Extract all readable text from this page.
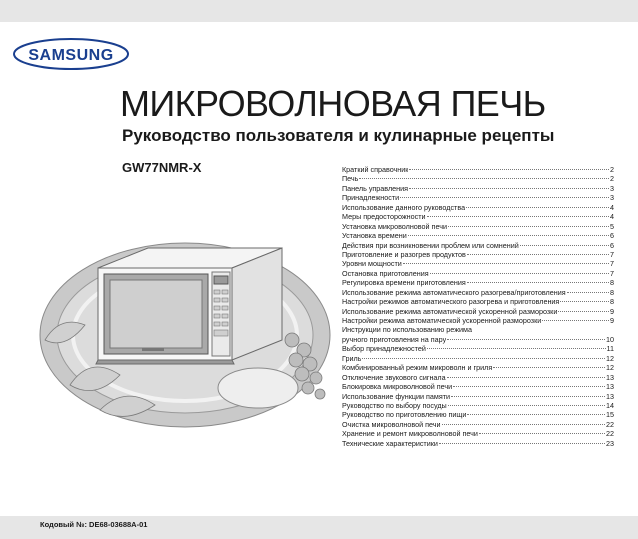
SAMSUNG
МИКРОВОЛНОВАЯ ПЕЧЬ
Руководство пользователя и кулинарные рецепты
GW77NMR-X	Краткий справочник	2
Печь	2
Панель управления	3
Принадлежности	3
Использование данного руководства	4
Меры предосторожности	4
Установка микроволновой печи	5
Установка времени	6
Действия при возникновении проблем или сомнений	6
Приготовление и разогрев продуктов	7
Уровни мощности	7
Остановка приготовления	7
Регулировка времени приготовления	8
Использование режима автоматического разогрева/приготовления	8
Настройки режимов автоматического разогрева и приготовления	8
Использование режима автоматической ускоренной разморозки	9
Настройки режима автоматической ускоренной разморозки	9
Инструкции по использованию режима
ручного приготовления на пару	10
Выбор принадлежностей	11
Гриль	12
Комбинированный режим микроволн и гриля	12
Отключение звукового сигнала	13
Блокировка микроволновой печи	13
Использование функции памяти	13
Руководство по выбору посуды	14
Руководство по приготовлению пищи	15
Очистка микроволновой печи	22
Хранение и ремонт микроволновой печи	22
Технические характеристики	23
Кодовый №: DE68-03688A-01
